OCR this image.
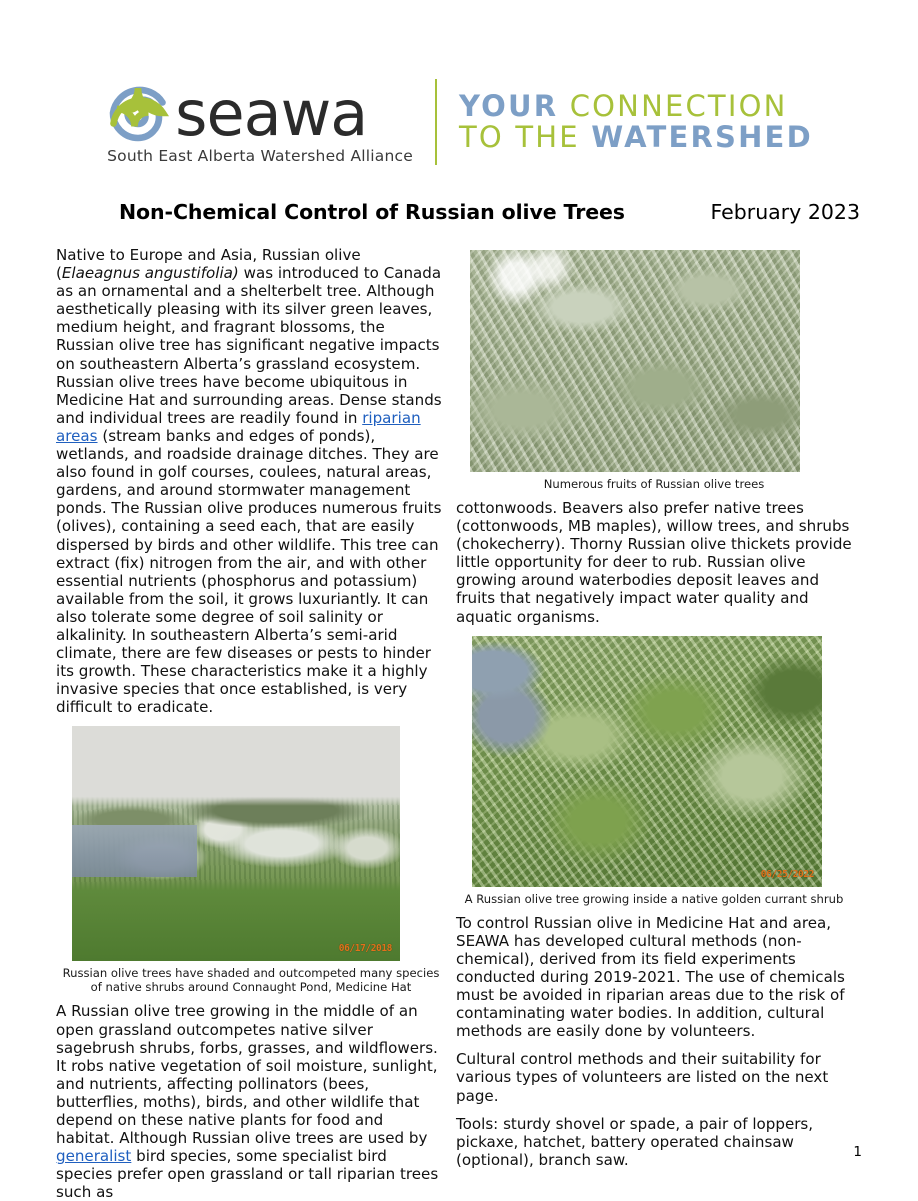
seawa
South East Alberta Watershed Alliance
YOUR CONNECTION
TO THE WATERSHED
Non-Chemical Control of Russian olive Trees	February 2023

Native to Europe and Asia, Russian olive (Elaeagnus angustifolia) was introduced to Canada as an ornamental and a shelterbelt tree. Although aesthetically pleasing with its silver green leaves, medium height, and fragrant blossoms, the Russian olive tree has significant negative impacts on southeastern Alberta’s grassland ecosystem. Russian olive trees have become ubiquitous in Medicine Hat and surrounding areas. Dense stands and individual trees are readily found in riparian areas (stream banks and edges of ponds), wetlands, and roadside drainage ditches. They are also found in golf courses, coulees, natural areas, gardens, and around stormwater management ponds. The Russian olive produces numerous fruits (olives), containing a seed each, that are easily dispersed by birds and other wildlife. This tree can extract (fix) nitrogen from the air, and with other essential nutrients (phosphorus and potassium) available from the soil, it grows luxuriantly. It can also tolerate some degree of soil salinity or alkalinity. In southeastern Alberta’s semi-arid climate, there are few diseases or pests to hinder its growth. These characteristics make it a highly invasive species that once established, is very difficult to eradicate.

06/17/2018
Russian olive trees have shaded and outcompeted many species of native shrubs around Connaught Pond, Medicine Hat

A Russian olive tree growing in the middle of an open grassland outcompetes native silver sagebrush shrubs, forbs, grasses, and wildflowers. It robs native vegetation of soil moisture, sunlight, and nutrients, affecting pollinators (bees, butterflies, moths), birds, and other wildlife that depend on these native plants for food and habitat. Although Russian olive trees are used by generalist bird species, some specialist bird species prefer open grassland or tall riparian trees such as

Numerous fruits of Russian olive trees

cottonwoods. Beavers also prefer native trees (cottonwoods, MB maples), willow trees, and shrubs (chokecherry). Thorny Russian olive thickets provide little opportunity for deer to rub. Russian olive growing around waterbodies deposit leaves and fruits that negatively impact water quality and aquatic organisms.

06/25/2022
A Russian olive tree growing inside a native golden currant shrub

To control Russian olive in Medicine Hat and area, SEAWA has developed cultural methods (non-chemical), derived from its field experiments conducted during 2019-2021. The use of chemicals must be avoided in riparian areas due to the risk of contaminating water bodies. In addition, cultural methods are easily done by volunteers.

Cultural control methods and their suitability for various types of volunteers are listed on the next page.

Tools: sturdy shovel or spade, a pair of loppers, pickaxe, hatchet, battery operated chainsaw (optional), branch saw.	1
